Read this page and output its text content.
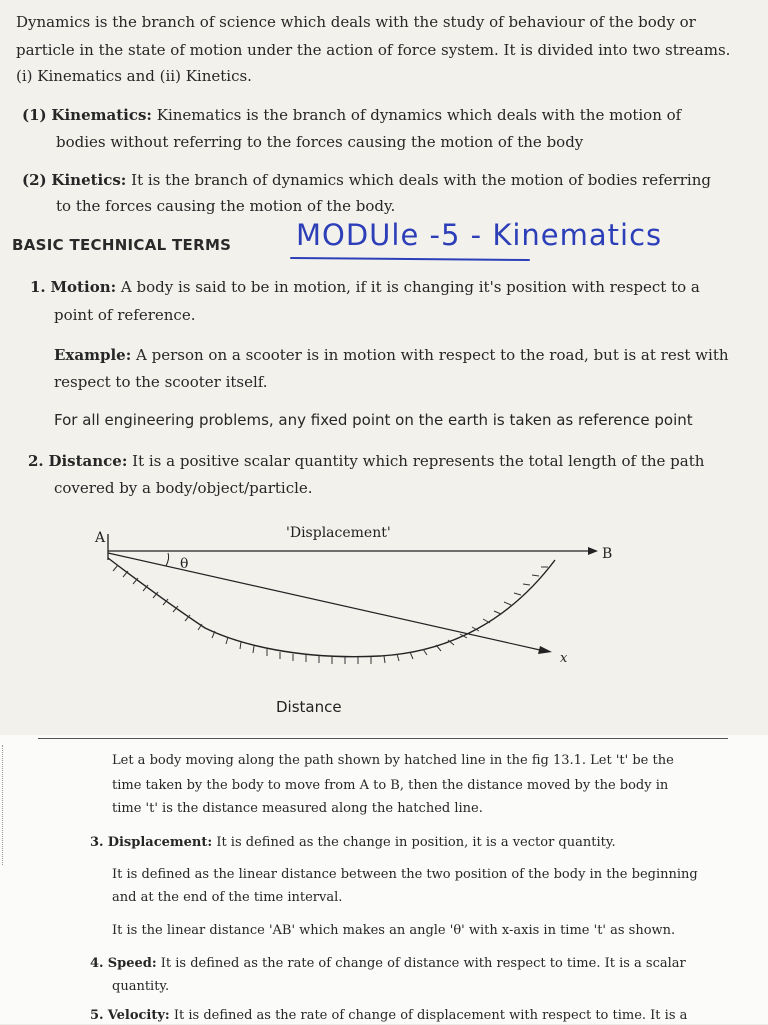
Dynamics is the branch of science which deals with the study of behaviour of the body or
particle in the state of motion under the action of force system. It is divided into two streams.
(i) Kinematics and (ii) Kinetics.
(1) Kinematics: Kinematics is the branch of dynamics which deals with the motion of
bodies without referring to the forces causing the motion of the body
(2) Kinetics: It is the branch of dynamics which deals with the motion of bodies referring
to the forces causing the motion of the body.
BASIC TECHNICAL TERMS MODUle -5 - Kinematics
1. Motion: A body is said to be in motion, if it is changing it's position with respect to a
point of reference.
Example: A person on a scooter is in motion with respect to the road, but is at rest with
respect to the scooter itself.
For all engineering problems, any fixed point on the earth is taken as reference point
2. Distance: It is a positive scalar quantity which represents the total length of the path
covered by a body/object/particle.
'Displacement'
A
B
θ
x
Distance
Let a body moving along the path shown by hatched line in the fig 13.1. Let 't' be the
time taken by the body to move from A to B, then the distance moved by the body in
time 't' is the distance measured along the hatched line.
3. Displacement: It is defined as the change in position, it is a vector quantity.
It is defined as the linear distance between the two position of the body in the beginning
and at the end of the time interval.
It is the linear distance 'AB' which makes an angle 'θ' with x-axis in time 't' as shown.
4. Speed: It is defined as the rate of change of distance with respect to time. It is a scalar
quantity.
5. Velocity: It is defined as the rate of change of displacement with respect to time. It is a
